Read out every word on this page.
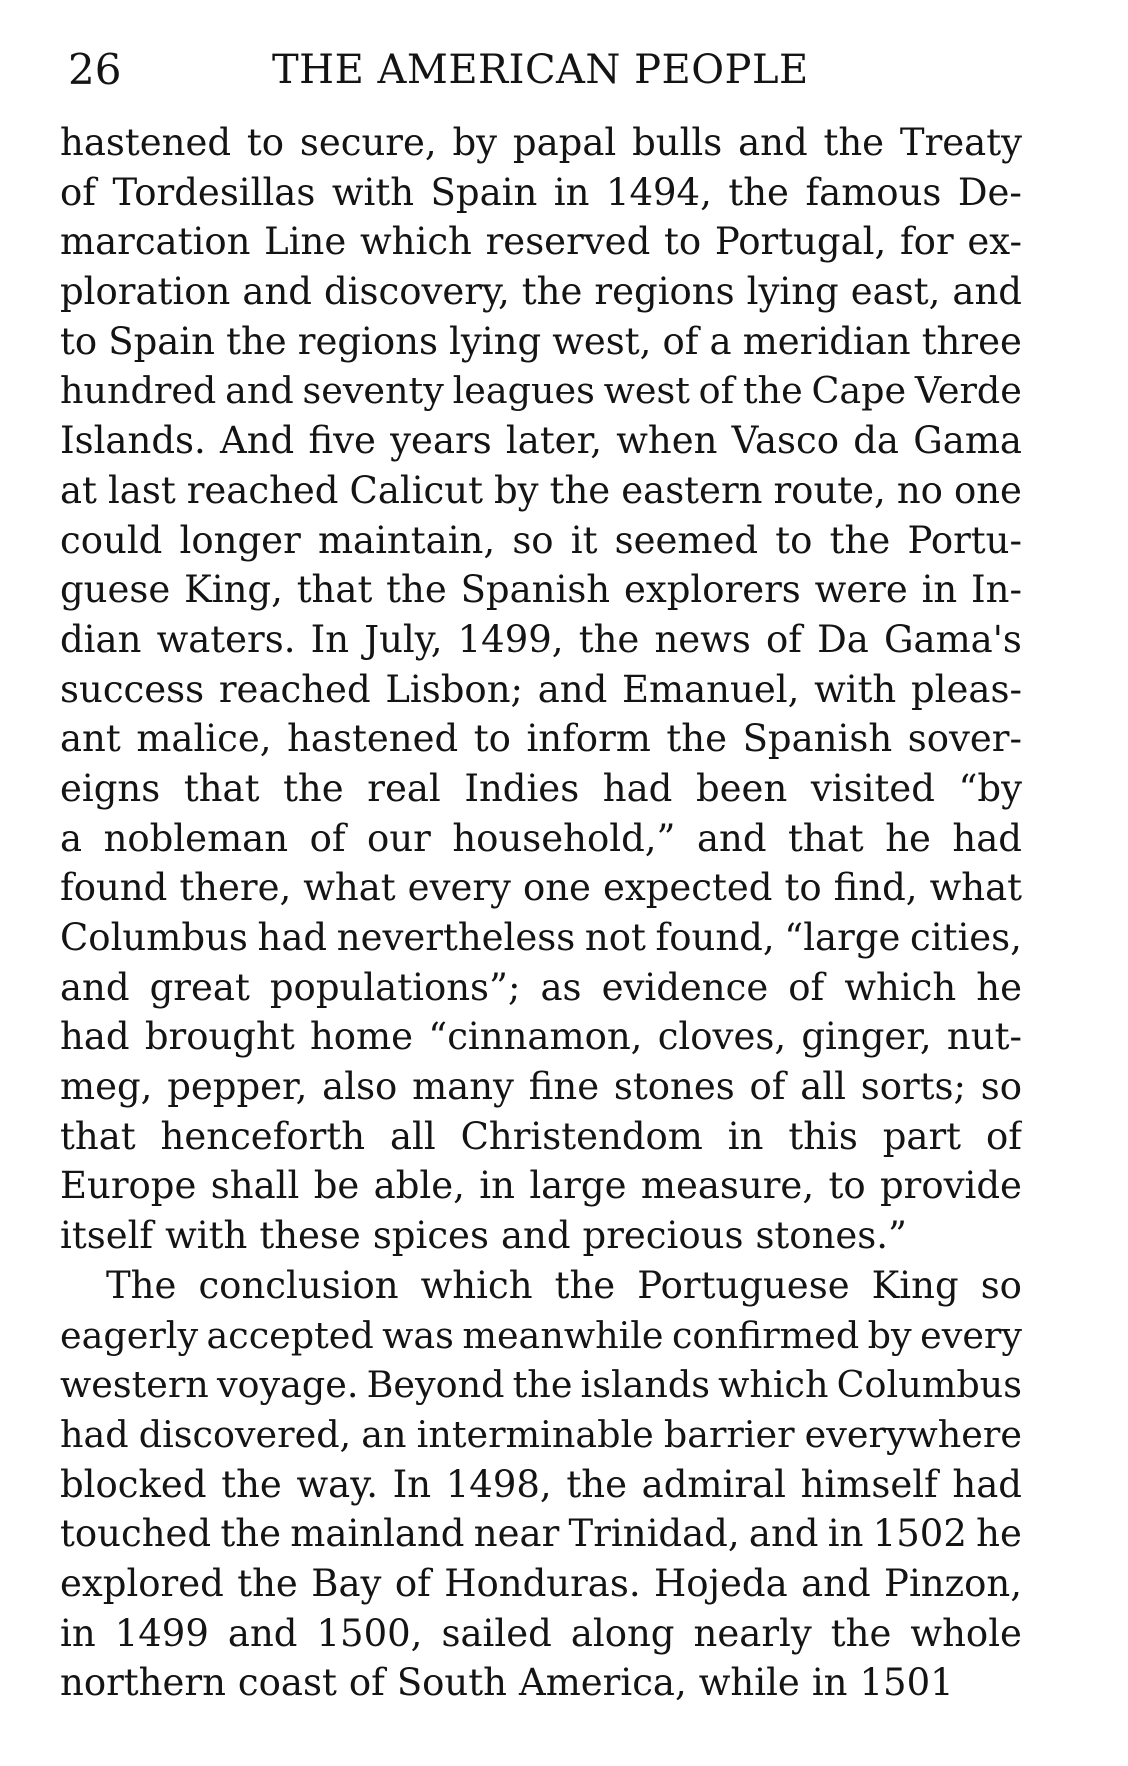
26	THE AMERICAN PEOPLE
hastened to secure, by papal bulls and the Treaty
of Tordesillas with Spain in 1494, the famous De-
marcation Line which reserved to Portugal, for ex-
ploration and discovery, the regions lying east, and
to Spain the regions lying west, of a meridian three
hundred and seventy leagues west of the Cape Verde
Islands. And five years later, when Vasco da Gama
at last reached Calicut by the eastern route, no one
could longer maintain, so it seemed to the Portu-
guese King, that the Spanish explorers were in In-
dian waters. In July, 1499, the news of Da Gama's
success reached Lisbon; and Emanuel, with pleas-
ant malice, hastened to inform the Spanish sover-
eigns that the real Indies had been visited “by
a nobleman of our household,” and that he had
found there, what every one expected to find, what
Columbus had nevertheless not found, “large cities,
and great populations”; as evidence of which he
had brought home “cinnamon, cloves, ginger, nut-
meg, pepper, also many fine stones of all sorts; so
that henceforth all Christendom in this part of
Europe shall be able, in large measure, to provide
itself with these spices and precious stones.”
The conclusion which the Portuguese King so
eagerly accepted was meanwhile confirmed by every
western voyage. Beyond the islands which Columbus
had discovered, an interminable barrier everywhere
blocked the way. In 1498, the admiral himself had
touched the mainland near Trinidad, and in 1502 he
explored the Bay of Honduras. Hojeda and Pinzon,
in 1499 and 1500, sailed along nearly the whole
northern coast of South America, while in 1501
